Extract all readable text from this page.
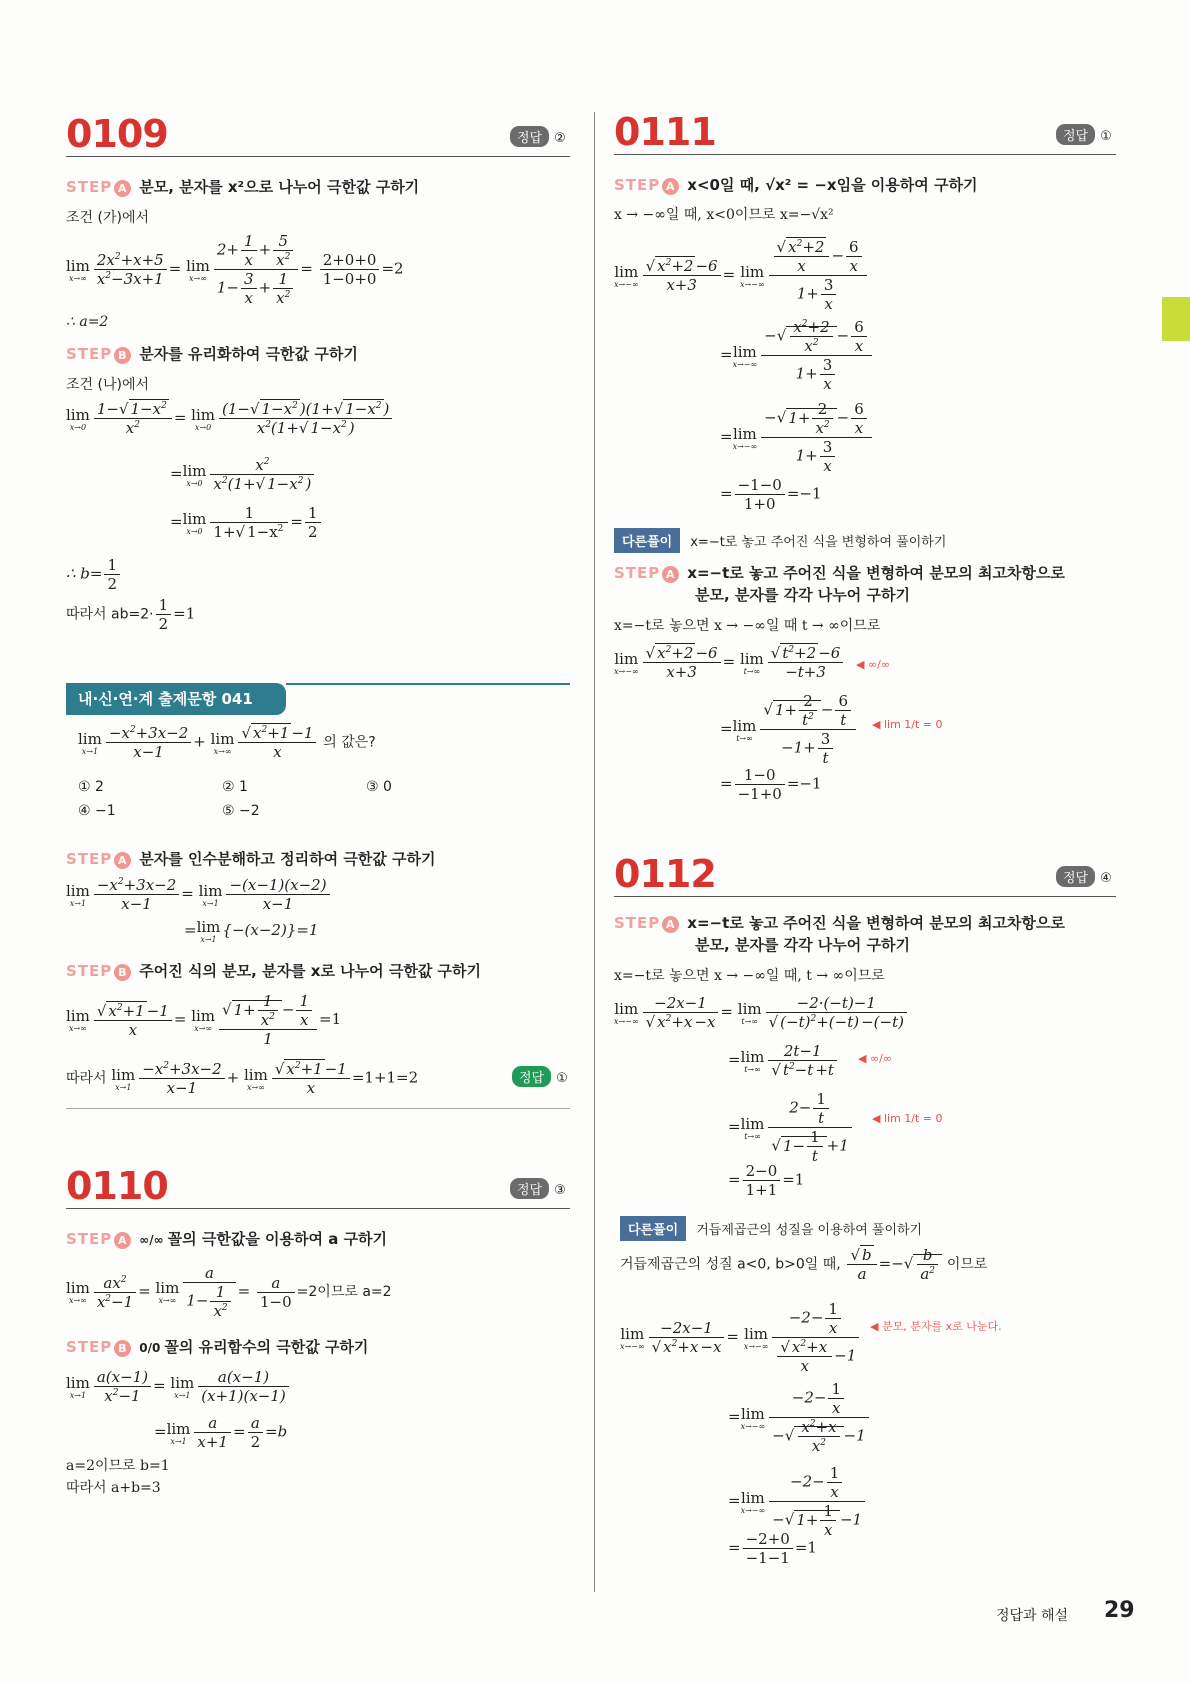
0109	정답 ②
STEP A 분모, 분자를 x²으로 나누어 극한값 구하기
조건 (가)에서
lim
$x\to\infty \frac{2x^2+x+5}{x^2-3x+1} = \lim$
$x\to\infty \frac{2+ \frac{1}{x} + \frac{5}{x^2}}{1- \frac{3}{x} + \frac{1}{x^2}} = \frac{2+0+0}{1-0+0} =2$
∴ a=2
STEP B 분자를 유리화하여 극한값 구하기
조건 (나)에서
lim
$x\to 0 \frac{1-√ 1-x^2}{x^2} = \lim$
$x\to 0 \frac{(1-√ 1-x^2 )(1+√ 1-x^2 )}{x^2(1+√ 1-x^2 )}$
=lim
$x\to 0 \frac{x^2}{x^2(1+√ 1-x^2 )}$
=lim
$x\to 0 \frac{1}{1+√ 1-x^2} = \frac{1}{2}$
∴ $b= \frac{1}{2}$
따라서 $ab=2\cdot \frac{1}{2} =1$
내·신·연·계 출제문항 041
lim
$x\to 1 \frac{-x^2+3x-2}{x-1} + \lim$
$x\to\infty \frac{√ x^2+1 -1}{x}$ 의 값은?
① 2	② 1	③ 0
④ −1	⑤ −2
STEP A 분자를 인수분해하고 정리하여 극한값 구하기
lim
$x\to 1 \frac{-x^2+3x-2}{x-1} = \lim$
$x\to 1 \frac{-(x-1)(x-2)}{x-1}$
=lim
x→1
{−(x−2)}=1
STEP B 주어진 식의 분모, 분자를 x로 나누어 극한값 구하기
lim
$x\to\infty \frac{√ x^2+1 -1}{x} = \lim$
$x\to\infty \frac{√ 1+ \frac{1}{x^2} - \frac{1}{x}}{1} =1$
따라서 lim
$x\to 1 \frac{-x^2+3x-2}{x-1} + \lim$
$x\to\infty \frac{√ x^2+1 -1}{x} =1+1=2$	정답 ①
0110	정답 ③
STEP A ∞/∞ 꼴의 극한값을 이용하여 a 구하기
lim
$x\to\infty \frac{ax^2}{x^2-1} = \lim$
$x\to\infty \frac{a}{1- \frac{1}{x^2}} = \frac{a}{1-0} =2$이므로 a=2
STEP B 0/0 꼴의 유리함수의 극한값 구하기
lim
$x\to 1 \frac{a(x-1)}{x^2-1} = \lim$
$x\to 1 \frac{a(x-1)}{(x+1)(x-1)}$
=lim
$x\to 1 \frac{a}{x+1} = \frac{a}{2} =b$
a=2이므로 b=1
따라서 a+b=3
0111	정답 ①
STEP A x<0일 때, √x² = −x임을 이용하여 구하기
x → −∞일 때, x<0이므로 x=−√x²
lim
$x\to-\infty \frac{√ x^2+2 -6}{x+3} = \lim$
$x\to-\infty \frac{\frac{√ x^2+2}{x} - \frac{6}{x}}{1+ \frac{3}{x}}$
=lim
$x\to-\infty \frac{-√ \frac{x^2+2}{x^2} - \frac{6}{x}}{1+ \frac{3}{x}}$
=lim
$x\to-\infty \frac{-√ 1+ \frac{2}{x^2} - \frac{6}{x}}{1+ \frac{3}{x}}$
= $\frac{-1-0}{1+0} =-1$
다른풀이 x=−t로 놓고 주어진 식을 변형하여 풀이하기
STEP A x=−t로 놓고 주어진 식을 변형하여 분모의 최고차항으로
분모, 분자를 각각 나누어 구하기
x=−t로 놓으면 x → −∞일 때 t → ∞이므로
lim
$x\to-\infty \frac{√ x^2+2 -6}{x+3} = \lim$
$t\to\infty \frac{√ t^2+2 -6}{-t+3}$ ◀ ∞/∞
=lim
$t\to\infty \frac{√ 1+ \frac{2}{t^2} - \frac{6}{t}}{-1+ \frac{3}{t}}$ ◀ lim 1/t = 0
= $\frac{1-0}{-1+0} =-1$
0112	정답 ④
STEP A x=−t로 놓고 주어진 식을 변형하여 분모의 최고차항으로
분모, 분자를 각각 나누어 구하기
x=−t로 놓으면 x → −∞일 때, t → ∞이므로
lim
$x\to-\infty \frac{-2x-1}{√ x^2+x -x} = \lim$
$t\to\infty \frac{-2\cdot(-t)-1}{√ (-t)^2+(-t) -(-t)}$
=lim
$t\to\infty \frac{2t-1}{√ t^2-t +t}$ ◀ ∞/∞
=lim
$t\to\infty \frac{2- \frac{1}{t}}{√ 1- \frac{1}{t} +1}$ ◀ lim 1/t = 0
= $\frac{2-0}{1+1} =1$
다른풀이 거듭제곱근의 성질을 이용하여 풀이하기
거듭제곱근의 성질 a<0, b>0일 때, $\frac{√ b}{a}$ =−√ $\frac{b}{a^2}$ 이므로
lim
$x\to-\infty \frac{-2x-1}{√ x^2+x -x} = \lim$
$x\to-\infty \frac{-2- \frac{1}{x}}{\frac{√ x^2+x}{x} -1}$ ◀ 분모, 분자를 x로 나눈다.
=lim
$x\to-\infty \frac{-2- \frac{1}{x}}{-√ \frac{x^2+x}{x^2} -1}$
=lim
$x\to-\infty \frac{-2- \frac{1}{x}}{-√ 1+ \frac{1}{x} -1}$
= $\frac{-2+0}{-1-1} =1$
정답과 해설 29
